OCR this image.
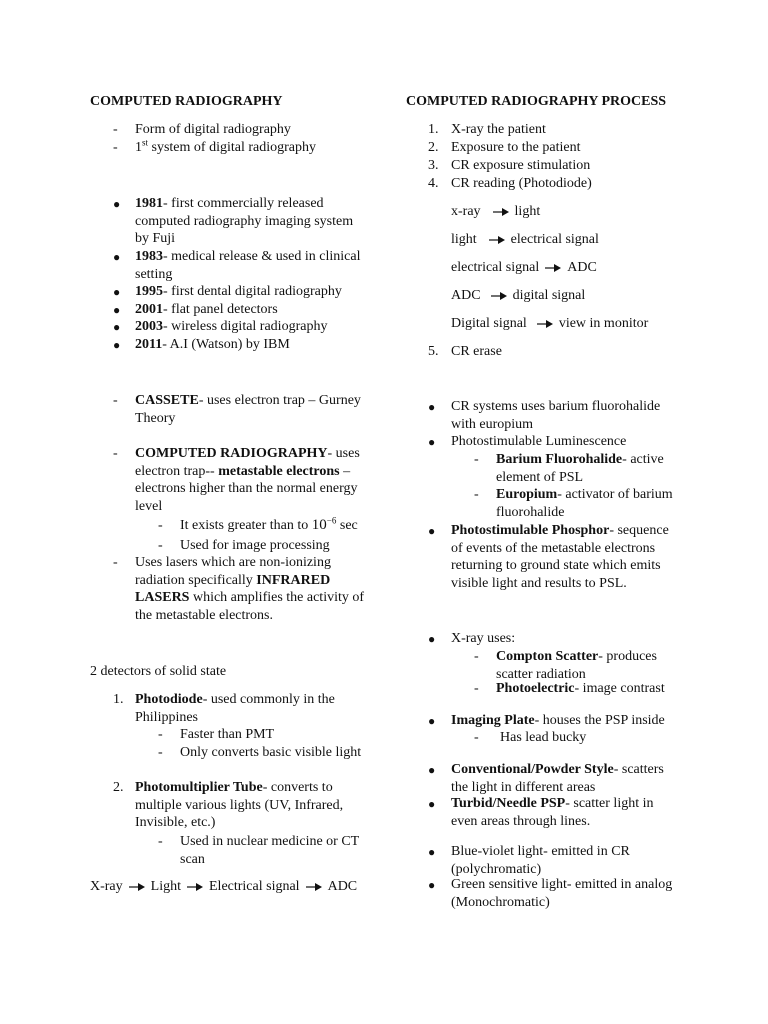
COMPUTED RADIOGRAPHY
- Form of digital radiography
- 1st system of digital radiography
● 1981- first commercially released computed radiography imaging system by Fuji
● 1983- medical release & used in clinical setting
● 1995- first dental digital radiography
● 2001- flat panel detectors
● 2003- wireless digital radiography
● 2011- A.I (Watson) by IBM
- CASSETE- uses electron trap – Gurney Theory
- COMPUTED RADIOGRAPHY- uses electron trap-- metastable electrons – electrons higher than the normal energy level
- It exists greater than to $10^{-6}$ sec
- Used for image processing
- Uses lasers which are non-ionizing radiation specifically INFRARED LASERS which amplifies the activity of the metastable electrons.
2 detectors of solid state
1. Photodiode- used commonly in the Philippines
- Faster than PMT
- Only converts basic visible light
2. Photomultiplier Tube- converts to multiple various lights (UV, Infrared, Invisible, etc.)
- Used in nuclear medicine or CT scan
X-ray Light Electrical signal ADC
COMPUTED RADIOGRAPHY PROCESS
1. X-ray the patient
2. Exposure to the patient
3. CR exposure stimulation
4. CR reading (Photodiode)
x-ray light
light electrical signal
electrical signal ADC
ADC digital signal
Digital signal view in monitor
5. CR erase
● CR systems uses barium fluorohalide with europium
● Photostimulable Luminescence
- Barium Fluorohalide- active element of PSL
- Europium- activator of barium fluorohalide
● Photostimulable Phosphor- sequence of events of the metastable electrons returning to ground state which emits visible light and results to PSL.
● X-ray uses:
- Compton Scatter- produces scatter radiation
- Photoelectric- image contrast
● Imaging Plate- houses the PSP inside
- Has lead bucky
● Conventional/Powder Style- scatters the light in different areas
● Turbid/Needle PSP- scatter light in even areas through lines.
● Blue-violet light- emitted in CR (polychromatic)
● Green sensitive light- emitted in analog (Monochromatic)
